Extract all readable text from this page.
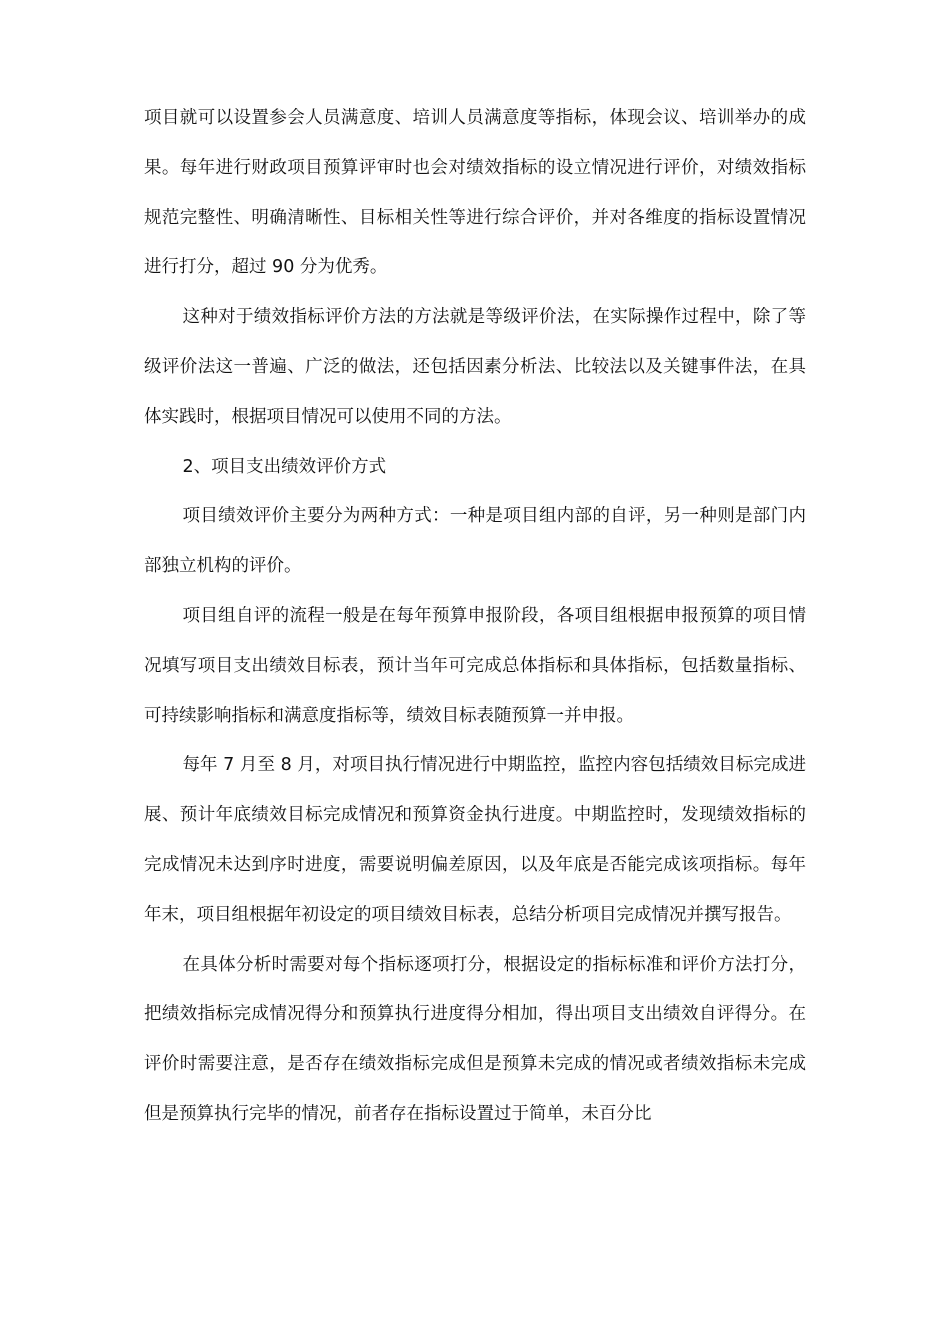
项目就可以设置参会人员满意度、培训人员满意度等指标，体现会议、培训举办的成果。每年进行财政项目预算评审时也会对绩效指标的设立情况进行评价，对绩效指标规范完整性、明确清晰性、目标相关性等进行综合评价，并对各维度的指标设置情况进行打分，超过 90 分为优秀。

这种对于绩效指标评价方法的方法就是等级评价法，在实际操作过程中，除了等级评价法这一普遍、广泛的做法，还包括因素分析法、比较法以及关键事件法，在具体实践时，根据项目情况可以使用不同的方法。

2、项目支出绩效评价方式

项目绩效评价主要分为两种方式：一种是项目组内部的自评，另一种则是部门内部独立机构的评价。

项目组自评的流程一般是在每年预算申报阶段，各项目组根据申报预算的项目情况填写项目支出绩效目标表，预计当年可完成总体指标和具体指标，包括数量指标、可持续影响指标和满意度指标等，绩效目标表随预算一并申报。

每年 7 月至 8 月，对项目执行情况进行中期监控，监控内容包括绩效目标完成进展、预计年底绩效目标完成情况和预算资金执行进度。中期监控时，发现绩效指标的完成情况未达到序时进度，需要说明偏差原因，以及年底是否能完成该项指标。每年年末，项目组根据年初设定的项目绩效目标表，总结分析项目完成情况并撰写报告。

在具体分析时需要对每个指标逐项打分，根据设定的指标标准和评价方法打分，把绩效指标完成情况得分和预算执行进度得分相加，得出项目支出绩效自评得分。在评价时需要注意，是否存在绩效指标完成但是预算未完成的情况或者绩效指标未完成但是预算执行完毕的情况，前者存在指标设置过于简单，未百分比
